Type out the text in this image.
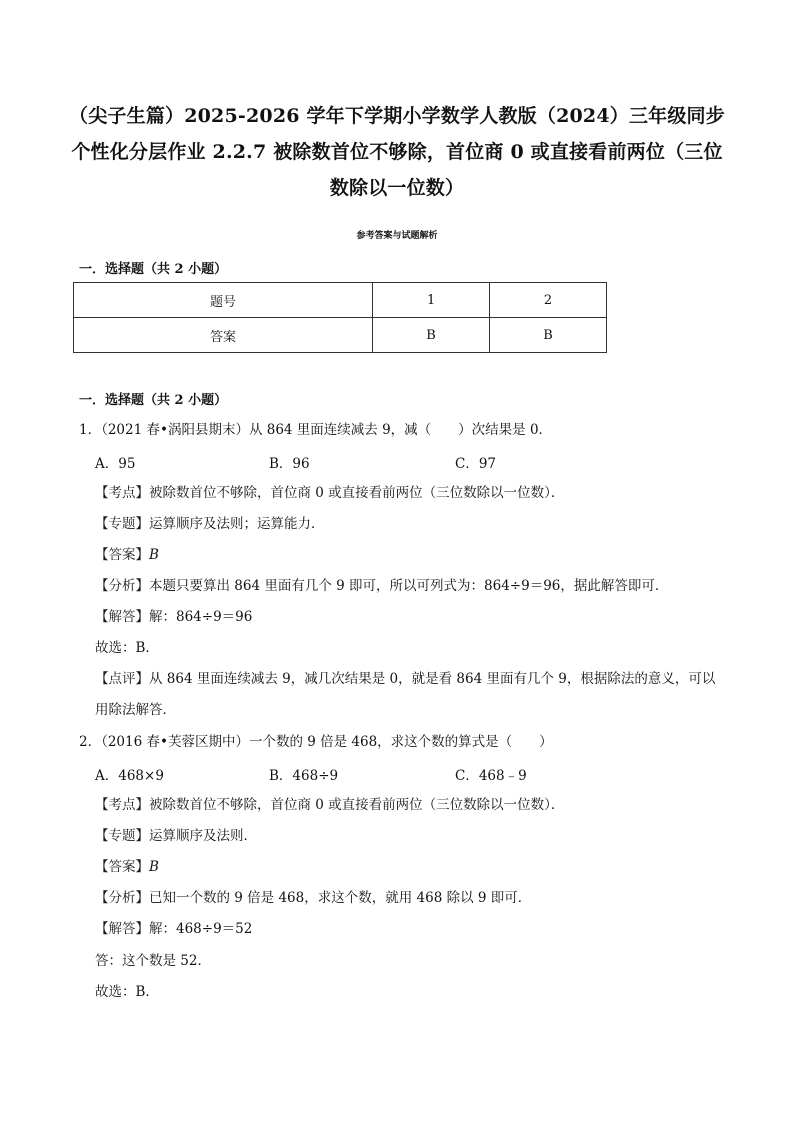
（尖子生篇）2025-2026 学年下学期小学数学人教版（2024）三年级同步
个性化分层作业 2.2.7 被除数首位不够除，首位商 0 或直接看前两位（三位
数除以一位数）
参考答案与试题解析
一．选择题（共 2 小题）
题号	1	2
答案	B	B
一．选择题（共 2 小题）
1．（2021 春•涡阳县期末）从 864 里面连续减去 9，减（　　）次结果是 0．
A．95	B．96	C．97
【考点】被除数首位不够除，首位商 0 或直接看前两位（三位数除以一位数）．
【专题】运算顺序及法则；运算能力．
【答案】B
【分析】本题只要算出 864 里面有几个 9 即可，所以可列式为：864÷9＝96，据此解答即可．
【解答】解：864÷9＝96
故选：B．
【点评】从 864 里面连续减去 9，减几次结果是 0，就是看 864 里面有几个 9，根据除法的意义，可以用除法解答．
2．（2016 春•芙蓉区期中）一个数的 9 倍是 468，求这个数的算式是（　　）
A．468×9	B．468÷9	C．468﹣9
【考点】被除数首位不够除，首位商 0 或直接看前两位（三位数除以一位数）．
【专题】运算顺序及法则．
【答案】B
【分析】已知一个数的 9 倍是 468，求这个数，就用 468 除以 9 即可．
【解答】解：468÷9＝52
答：这个数是 52．
故选：B．
